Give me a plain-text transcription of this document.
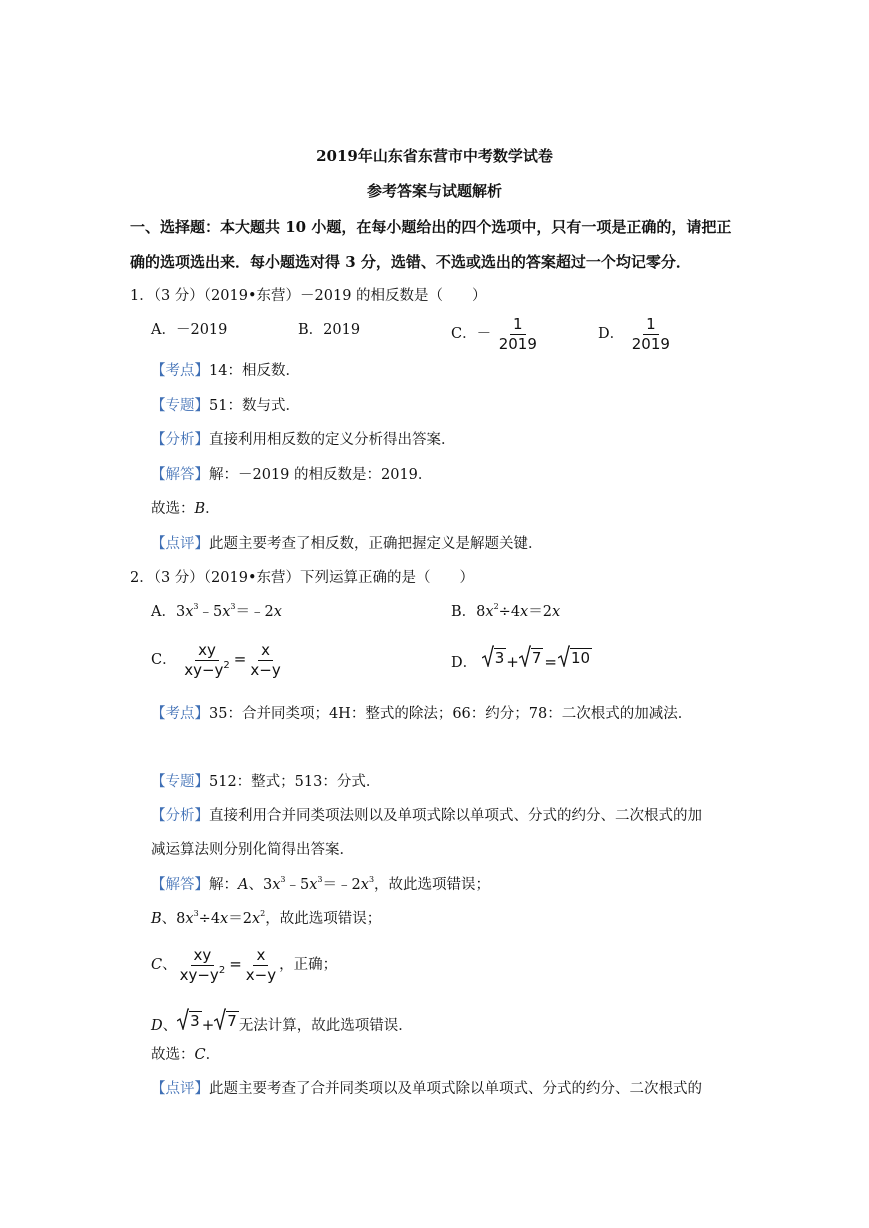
2019年山东省东营市中考数学试卷
参考答案与试题解析
一、选择题：本大题共 10 小题，在每小题给出的四个选项中，只有一项是正确的，请把正
确的选项选出来．每小题选对得 3 分，选错、不选或选出的答案超过一个均记零分．
1．（3 分）（2019•东营）－2019 的相反数是（　　）
A．－2019	B．2019	C．－ $\frac{1}{2019}$	D． $\frac{1}{2019}$
【考点】14：相反数．
【专题】51：数与式．
【分析】直接利用相反数的定义分析得出答案．
【解答】解：－2019 的相反数是：2019．
故选：B．
【点评】此题主要考查了相反数，正确把握定义是解题关键．
2．（3 分）（2019•东营）下列运算正确的是（　　）
A．$3x^3﹣5x^3=﹣2x$	B．$8x^2\div 4x=2x$
C． $\frac{xy}{xy-y^2} = \frac{x}{x-y}$	D． 3 + 7 = 10
【考点】35：合并同类项；4H：整式的除法；66：约分；78：二次根式的加减法．
【专题】512：整式；513：分式．
【分析】直接利用合并同类项法则以及单项式除以单项式、分式的约分、二次根式的加
减运算法则分别化简得出答案．
【解答】解：A、$3x^3﹣5x^3=﹣2x^3$，故此选项错误；
B、$8x^3\div 4x=2x^2$，故此选项错误；
C、 $\frac{xy}{xy-y^2} = \frac{x}{x-y}$ ，正确；
D、 3 + 7 无法计算，故此选项错误．
故选：C．
【点评】此题主要考查了合并同类项以及单项式除以单项式、分式的约分、二次根式的
